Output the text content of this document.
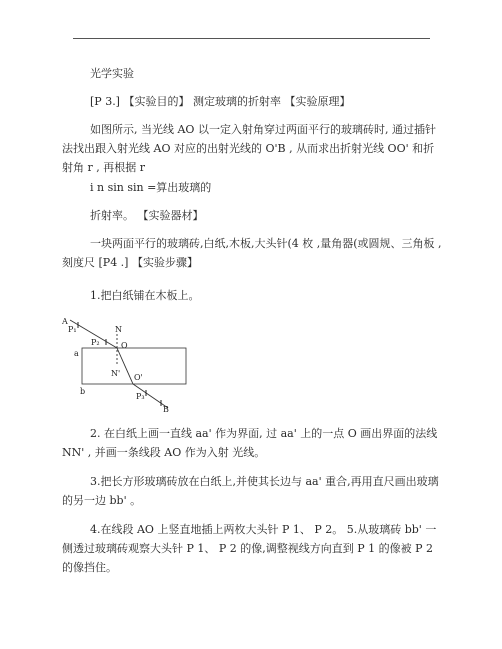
光学实验
[P 3.] 【实验目的】 测定玻璃的折射率 【实验原理】
如图所示, 当光线 AO 以一定入射角穿过两面平行的玻璃砖时, 通过插针法找出跟入射光线 AO 对应的出射光线的 O'B , 从而求出折射光线 OO' 和折射角 r , 再根据 r
i n sin sin =算出玻璃的
折射率。 【实验器材】
一块两面平行的玻璃砖,白纸,木板,大头针(4 枚 ,量角器(或圆规、三角板 ,刻度尺 [P4 .] 【实验步骤】
1.把白纸铺在木板上。
A
P₁
P₂
N
O
a
N' O'
b
P₃
B
2. 在白纸上画一直线 aa' 作为界面, 过 aa' 上的一点 O 画出界面的法线 NN' , 并画一条线段 AO 作为入射 光线。
3.把长方形玻璃砖放在白纸上,并使其长边与 aa' 重合,再用直尺画出玻璃的另一边 bb' 。
4.在线段 AO 上竖直地插上两枚大头针 P 1、 P 2。 5.从玻璃砖 bb' 一侧透过玻璃砖观察大头针 P 1、 P 2 的像,调整视线方向直到 P 1 的像被 P 2 的像挡住。
